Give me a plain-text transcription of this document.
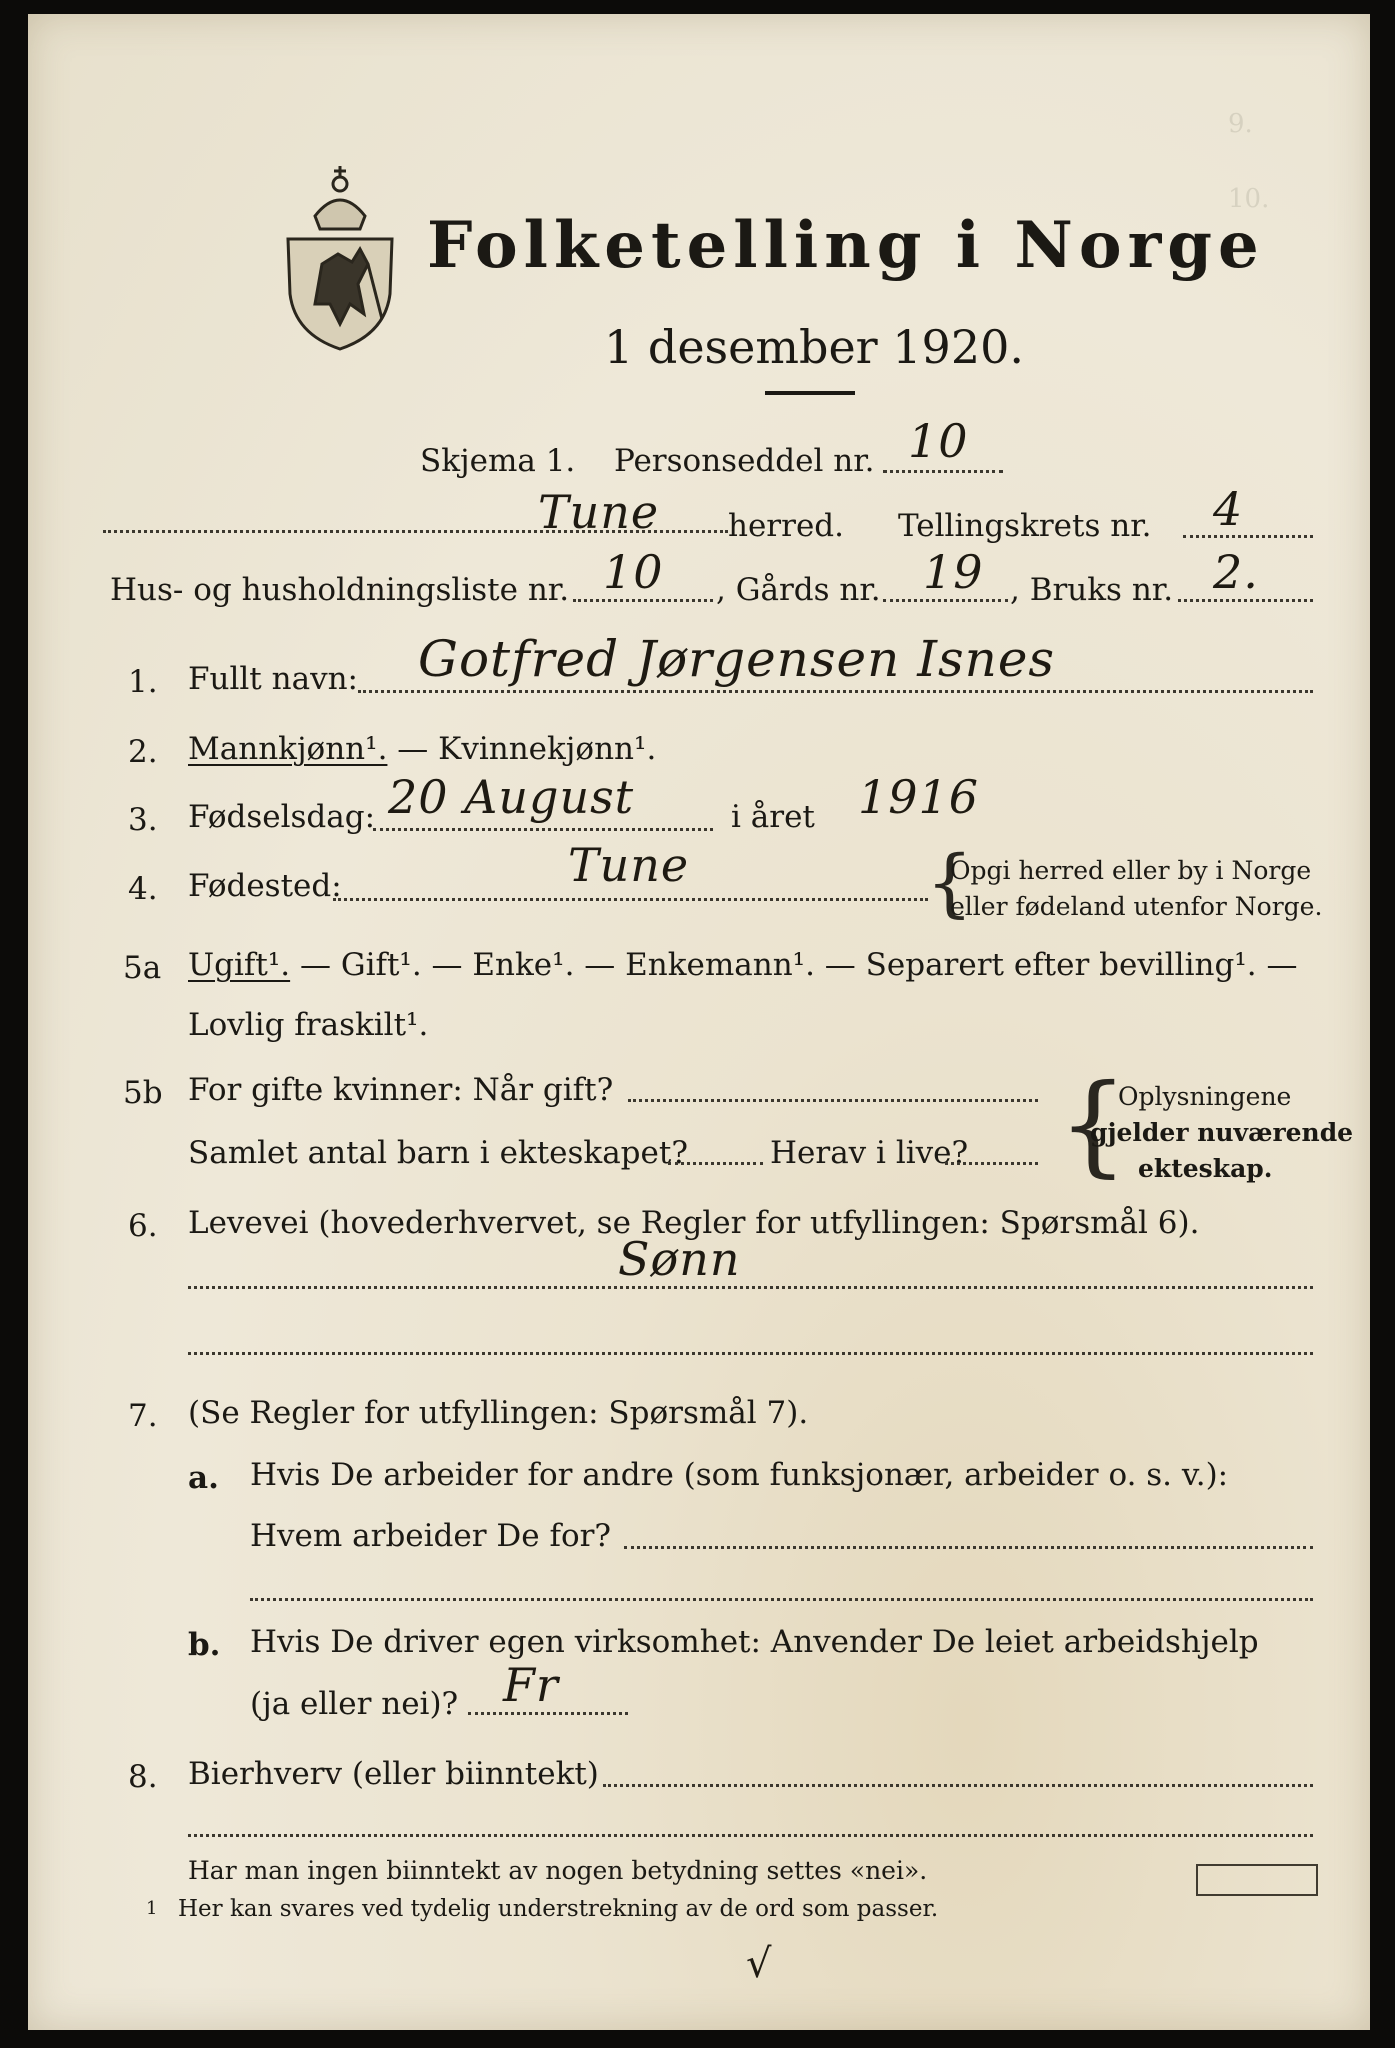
9.
10.
Folketelling i Norge
1 desember 1920.
Skjema 1. Personseddel nr. 10
Tune herred. Tellingskrets nr. 4
Hus- og husholdningsliste nr. 10 , Gårds nr. 19 , Bruks nr. 2.
1. Fullt navn: Gotfred Jørgensen Isnes
2. Mannkjønn¹. — Kvinnekjønn¹.
3. Fødselsdag: 20 August	i året 1916
4. Fødested:	Tune	{
Opgi herred eller by i Norge
eller fødeland utenfor Norge.
5a Ugift¹. — Gift¹. — Enke¹. — Enkemann¹. — Separert efter bevilling¹. —
Lovlig fraskilt¹.
5b For gifte kvinner: Når gift?
Samlet antal barn i ekteskapet?	Herav i live? {
Oplysningene
gjelder nuværende
ekteskap.
6. Levevei (hovederhvervet, se Regler for utfyllingen: Spørsmål 6).
Sønn
7. (Se Regler for utfyllingen: Spørsmål 7).
a. Hvis De arbeider for andre (som funksjonær, arbeider o. s. v.):
Hvem arbeider De for?
b. Hvis De driver egen virksomhet: Anvender De leiet arbeidshjelp
(ja eller nei)? Fr
8. Bierhverv (eller biinntekt)
Har man ingen biinntekt av nogen betydning settes «nei».
1 Her kan svares ved tydelig understrekning av de ord som passer.
√
